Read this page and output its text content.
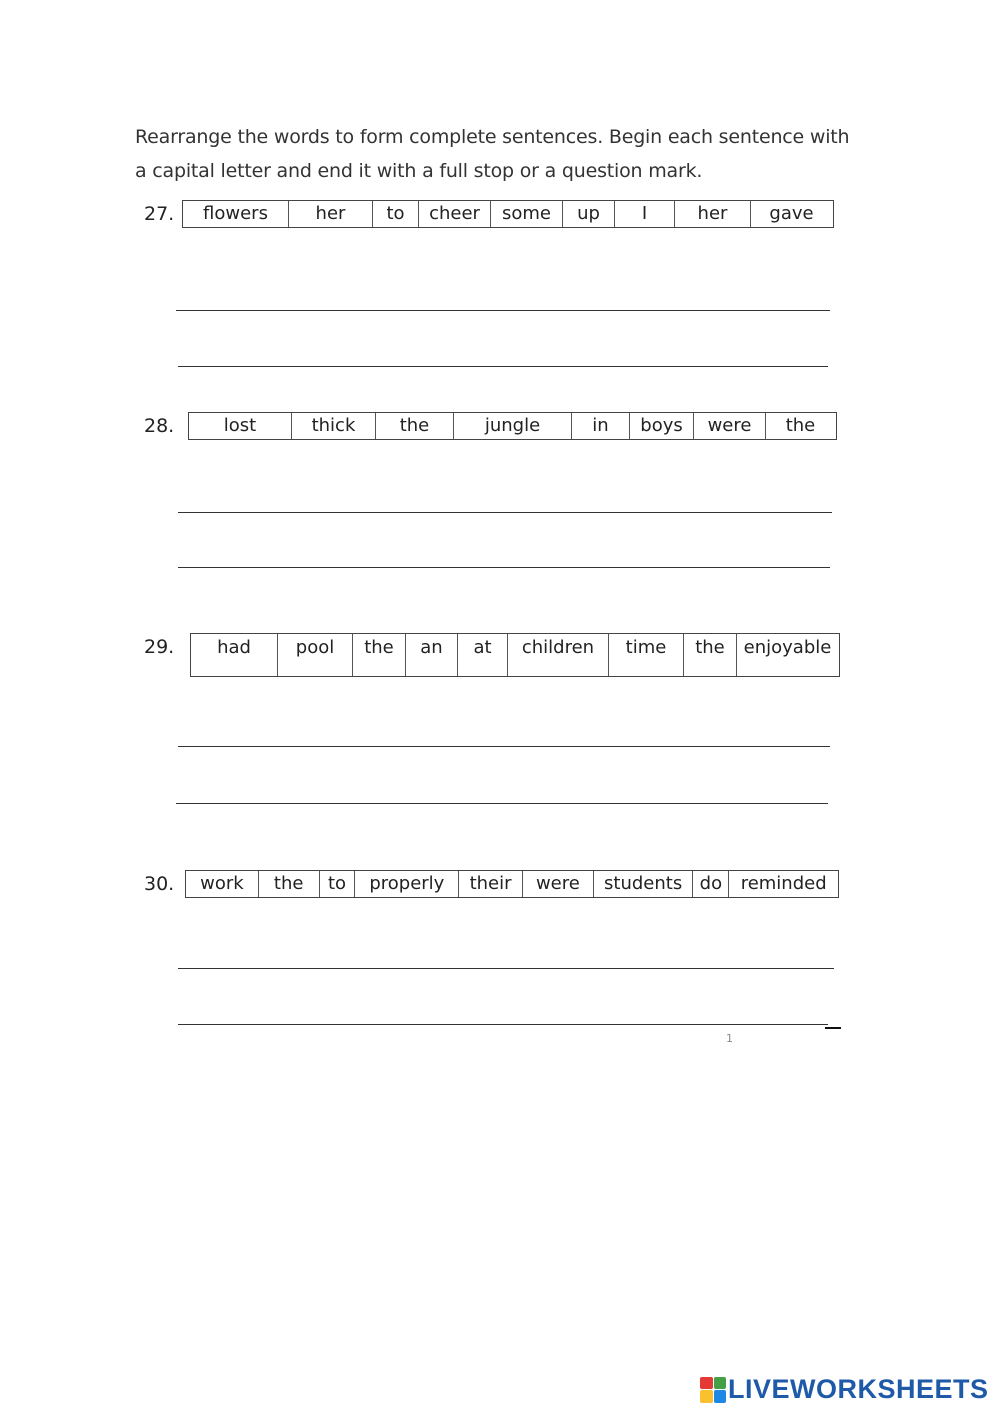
Rearrange the words to form complete sentences. Begin each sentence with
a capital letter and end it with a full stop or a question mark.
27.	flowers	her	to	cheer	some	up	I	her	gave
28.	lost	thick	the	jungle	in	boys	were	the
29.	had	pool	the	an	at	children	time	the	enjoyable
30.	work	the	to	properly	their	were	students do	reminded
1
LIVEWORKSHEETS
